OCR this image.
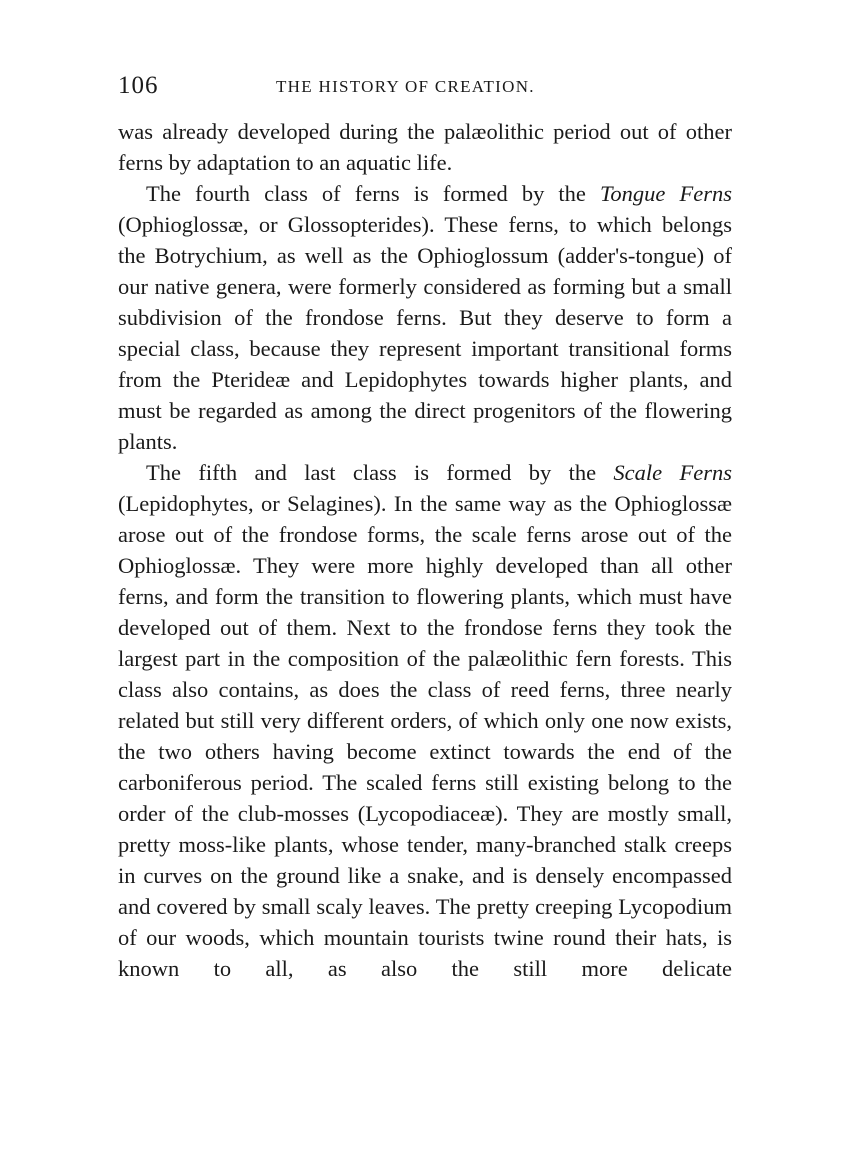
106	THE HISTORY OF CREATION.

was already developed during the palæolithic period out of other ferns by adaptation to an aquatic life.

The fourth class of ferns is formed by the Tongue Ferns (Ophioglossæ, or Glossopterides). These ferns, to which belongs the Botrychium, as well as the Ophioglossum (adder's-tongue) of our native genera, were formerly considered as forming but a small subdivision of the frondose ferns. But they deserve to form a special class, because they represent important transitional forms from the Pterideæ and Lepidophytes towards higher plants, and must be regarded as among the direct progenitors of the flowering plants.

The fifth and last class is formed by the Scale Ferns (Lepidophytes, or Selagines). In the same way as the Ophioglossæ arose out of the frondose forms, the scale ferns arose out of the Ophioglossæ. They were more highly developed than all other ferns, and form the transition to flowering plants, which must have developed out of them. Next to the frondose ferns they took the largest part in the composition of the palæolithic fern forests. This class also contains, as does the class of reed ferns, three nearly related but still very different orders, of which only one now exists, the two others having become extinct towards the end of the carboniferous period. The scaled ferns still existing belong to the order of the club-mosses (Lycopodiaceæ). They are mostly small, pretty moss-like plants, whose tender, many-branched stalk creeps in curves on the ground like a snake, and is densely encompassed and covered by small scaly leaves. The pretty creeping Lycopodium of our woods, which mountain tourists twine round their hats, is known to all, as also the still more delicate
